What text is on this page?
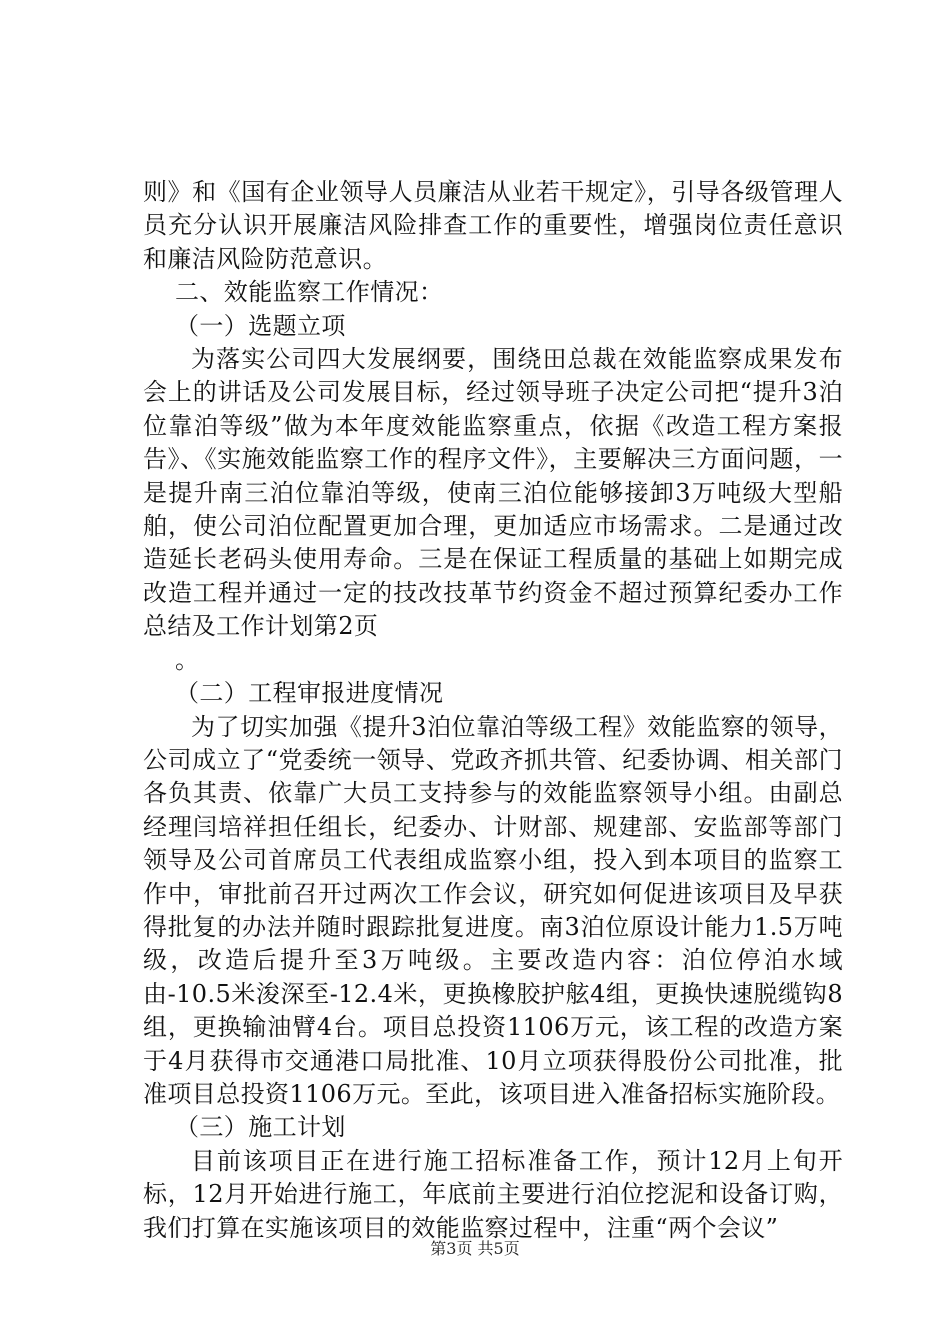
则》和《国有企业领导人员廉洁从业若干规定》，引导各级管理人员充分认识开展廉洁风险排查工作的重要性，增强岗位责任意识和廉洁风险防范意识。

二、效能监察工作情况：

（一）选题立项

为落实公司四大发展纲要，围绕田总裁在效能监察成果发布会上的讲话及公司发展目标，经过领导班子决定公司把“提升3泊位靠泊等级”做为本年度效能监察重点，依据《改造工程方案报告》、《实施效能监察工作的程序文件》，主要解决三方面问题，一是提升南三泊位靠泊等级，使南三泊位能够接卸3万吨级大型船舶，使公司泊位配置更加合理，更加适应市场需求。二是通过改造延长老码头使用寿命。三是在保证工程质量的基础上如期完成改造工程并通过一定的技改技革节约资金不超过预算纪委办工作总结及工作计划第2页

。

（二）工程审报进度情况

为了切实加强《提升3泊位靠泊等级工程》效能监察的领导，公司成立了“党委统一领导、党政齐抓共管、纪委协调、相关部门各负其责、依靠广大员工支持参与的效能监察领导小组。由副总经理闫培祥担任组长，纪委办、计财部、规建部、安监部等部门领导及公司首席员工代表组成监察小组，投入到本项目的监察工作中，审批前召开过两次工作会议，研究如何促进该项目及早获得批复的办法并随时跟踪批复进度。南3泊位原设计能力1.5万吨级，改造后提升至3万吨级。主要改造内容：泊位停泊水域由-10.5米浚深至-12.4米，更换橡胶护舷4组，更换快速脱缆钩8组，更换输油臂4台。项目总投资1106万元，该工程的改造方案于4月获得市交通港口局批准、10月立项获得股份公司批准，批准项目总投资1106万元。至此，该项目进入准备招标实施阶段。

（三）施工计划

目前该项目正在进行施工招标准备工作，预计12月上旬开标，12月开始进行施工，年底前主要进行泊位挖泥和设备订购，我们打算在实施该项目的效能监察过程中，注重“两个会议”

第3页 共5页
